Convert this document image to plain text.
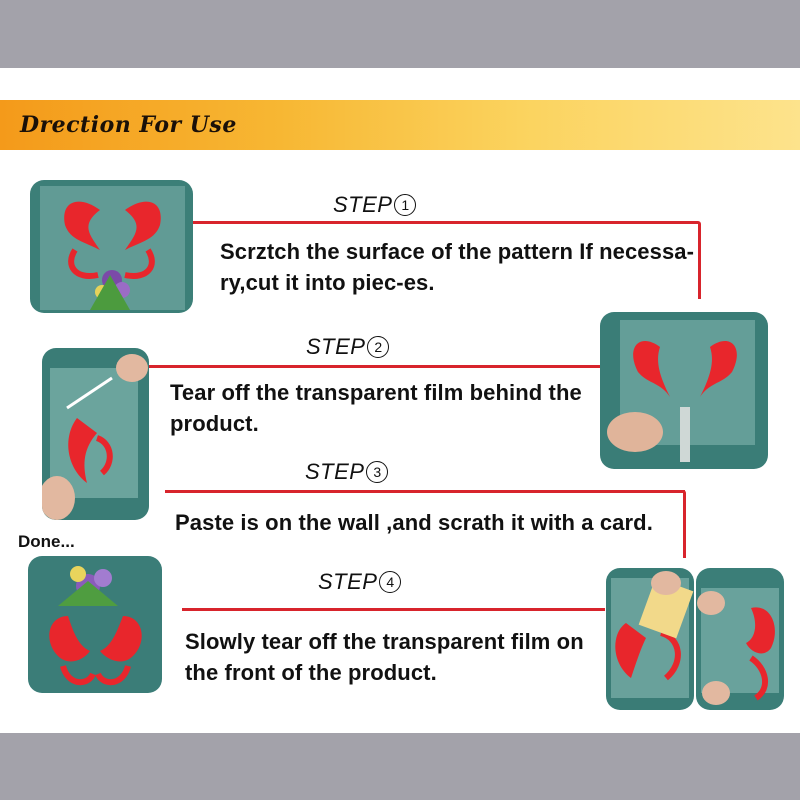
Drection For Use
STEP 1
Scrztch the surface of the pattern If necessa-
ry,cut it into piec-es.
STEP 2
Tear off the transparent film behind the
product.
STEP 3
Paste is on the wall ,and scrath it with a card.
Done...
STEP 4
Slowly tear off the transparent film on
the front of the product.
